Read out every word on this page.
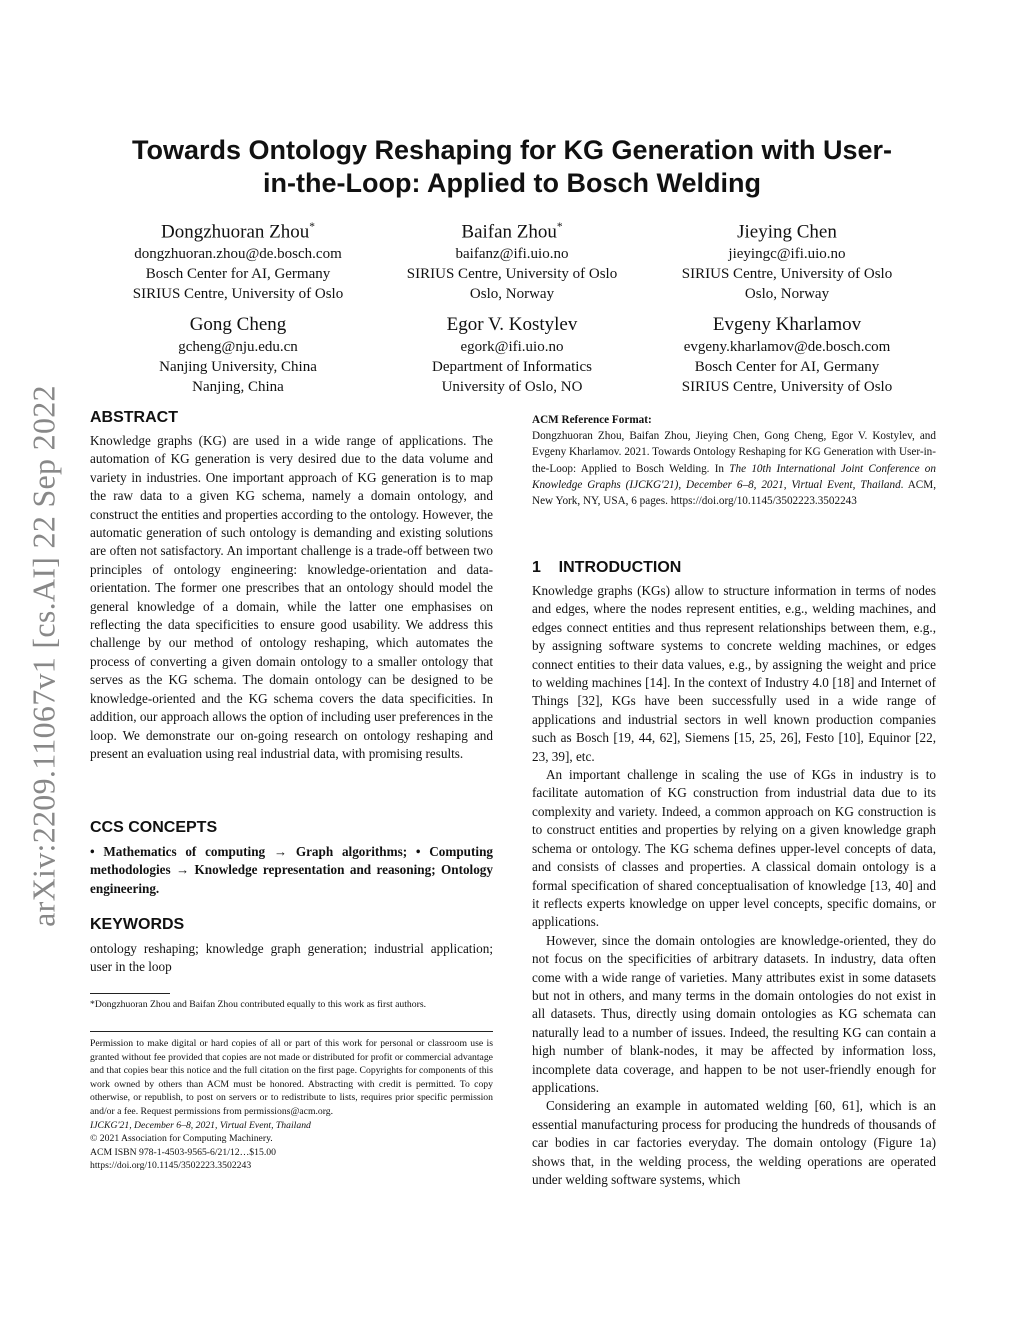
arXiv:2209.11067v1 [cs.AI] 22 Sep 2022
Towards Ontology Reshaping for KG Generation with User-in-the-Loop: Applied to Bosch Welding
Dongzhuoran Zhou*
dongzhuoran.zhou@de.bosch.com
Bosch Center for AI, Germany
SIRIUS Centre, University of Oslo
Baifan Zhou*
baifanz@ifi.uio.no
SIRIUS Centre, University of Oslo
Oslo, Norway
Jieying Chen
jieyingc@ifi.uio.no
SIRIUS Centre, University of Oslo
Oslo, Norway
Gong Cheng
gcheng@nju.edu.cn
Nanjing University, China
Nanjing, China
Egor V. Kostylev
egork@ifi.uio.no
Department of Informatics
University of Oslo, NO
Evgeny Kharlamov
evgeny.kharlamov@de.bosch.com
Bosch Center for AI, Germany
SIRIUS Centre, University of Oslo
ABSTRACT

Knowledge graphs (KG) are used in a wide range of applications. The automation of KG generation is very desired due to the data volume and variety in industries. One important approach of KG generation is to map the raw data to a given KG schema, namely a domain ontology, and construct the entities and properties according to the ontology. However, the automatic generation of such ontology is demanding and existing solutions are often not satisfactory. An important challenge is a trade-off between two principles of ontology engineering: knowledge-orientation and data-orientation. The former one prescribes that an ontology should model the general knowledge of a domain, while the latter one emphasises on reflecting the data specificities to ensure good usability. We address this challenge by our method of ontology reshaping, which automates the process of converting a given domain ontology to a smaller ontology that serves as the KG schema. The domain ontology can be designed to be knowledge-oriented and the KG schema covers the data specificities. In addition, our approach allows the option of including user preferences in the loop. We demonstrate our on-going research on ontology reshaping and present an evaluation using real industrial data, with promising results.

CCS CONCEPTS

• Mathematics of computing → Graph algorithms; • Computing methodologies → Knowledge representation and reasoning; Ontology engineering.

KEYWORDS

ontology reshaping; knowledge graph generation; industrial application; user in the loop

*Dongzhuoran Zhou and Baifan Zhou contributed equally to this work as first authors.

Permission to make digital or hard copies of all or part of this work for personal or classroom use is granted without fee provided that copies are not made or distributed for profit or commercial advantage and that copies bear this notice and the full citation on the first page. Copyrights for components of this work owned by others than ACM must be honored. Abstracting with credit is permitted. To copy otherwise, or republish, to post on servers or to redistribute to lists, requires prior specific permission and/or a fee. Request permissions from permissions@acm.org.

IJCKG'21, December 6–8, 2021, Virtual Event, Thailand
© 2021 Association for Computing Machinery.
ACM ISBN 978-1-4503-9565-6/21/12…$15.00
https://doi.org/10.1145/3502223.3502243
ACM Reference Format:

Dongzhuoran Zhou, Baifan Zhou, Jieying Chen, Gong Cheng, Egor V. Kostylev, and Evgeny Kharlamov. 2021. Towards Ontology Reshaping for KG Generation with User-in-the-Loop: Applied to Bosch Welding. In The 10th International Joint Conference on Knowledge Graphs (IJCKG'21), December 6–8, 2021, Virtual Event, Thailand. ACM, New York, NY, USA, 6 pages. https://doi.org/10.1145/3502223.3502243

1    INTRODUCTION

Knowledge graphs (KGs) allow to structure information in terms of nodes and edges, where the nodes represent entities, e.g., welding machines, and edges connect entities and thus represent relationships between them, e.g., by assigning software systems to concrete welding machines, or edges connect entities to their data values, e.g., by assigning the weight and price to welding machines [14]. In the context of Industry 4.0 [18] and Internet of Things [32], KGs have been successfully used in a wide range of applications and industrial sectors in well known production companies such as Bosch [19, 44, 62], Siemens [15, 25, 26], Festo [10], Equinor [22, 23, 39], etc.

An important challenge in scaling the use of KGs in industry is to facilitate automation of KG construction from industrial data due to its complexity and variety. Indeed, a common approach on KG construction is to construct entities and properties by relying on a given knowledge graph schema or ontology. The KG schema defines upper-level concepts of data, and consists of classes and properties. A classical domain ontology is a formal specification of shared conceptualisation of knowledge [13, 40] and it reflects experts knowledge on upper level concepts, specific domains, or applications.

However, since the domain ontologies are knowledge-oriented, they do not focus on the specificities of arbitrary datasets. In industry, data often come with a wide range of varieties. Many attributes exist in some datasets but not in others, and many terms in the domain ontologies do not exist in all datasets. Thus, directly using domain ontologies as KG schemata can naturally lead to a number of issues. Indeed, the resulting KG can contain a high number of blank-nodes, it may be affected by information loss, incomplete data coverage, and happen to be not user-friendly enough for applications.

Considering an example in automated welding [60, 61], which is an essential manufacturing process for producing the hundreds of thousands of car bodies in car factories everyday. The domain ontology (Figure 1a) shows that, in the welding process, the welding operations are operated under welding software systems, which
